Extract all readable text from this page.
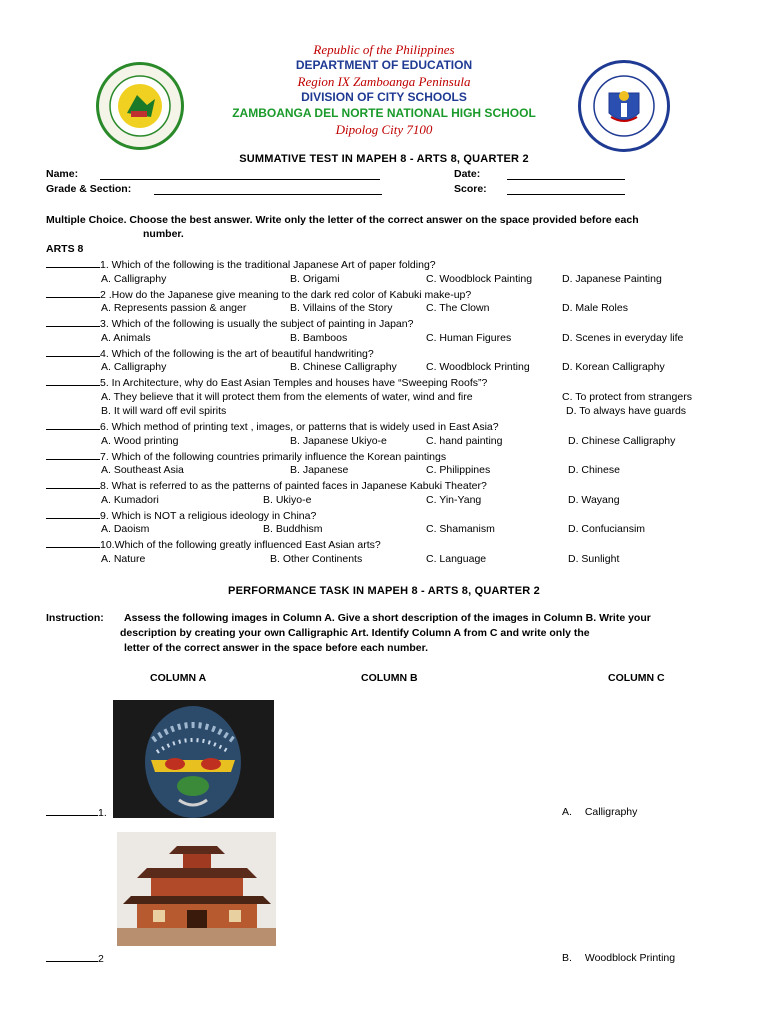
Republic of the Philippines
DEPARTMENT OF EDUCATION
Region IX Zamboanga Peninsula
DIVISION OF CITY SCHOOLS
ZAMBOANGA DEL NORTE NATIONAL HIGH SCHOOL
Dipolog City 7100
SUMMATIVE TEST IN MAPEH 8 - ARTS 8, QUARTER 2
Name:	Date:
Grade & Section:	Score:
Multiple Choice. Choose the best answer. Write only the letter of the correct answer on the space provided before each
number.
ARTS 8
1. Which of the following is the traditional Japanese Art of paper folding?
A. Calligraphy	B. Origami	C. Woodblock Painting	D. Japanese Painting
2 .How do the Japanese give meaning to the dark red color of Kabuki make-up?
A. Represents passion & anger	B. Villains of the Story	C. The Clown	D. Male Roles
3. Which of the following is usually the subject of painting in Japan?
A. Animals	B. Bamboos	C. Human Figures	D. Scenes in everyday life
4. Which of the following is the art of beautiful handwriting?
A. Calligraphy	B. Chinese Calligraphy	C. Woodblock Printing	D. Korean Calligraphy
5. In Architecture, why do East Asian Temples and houses have “Sweeping Roofs”?
A. They believe that it will protect them from the elements of water, wind and fire	C. To protect from strangers
B. It will ward off evil spirits	D. To always have guards
6. Which method of printing text , images, or patterns that is widely used in East Asia?
A. Wood printing	B. Japanese Ukiyo-e	C. hand painting	D. Chinese Calligraphy
7. Which of the following countries primarily influence the Korean paintings
A. Southeast Asia	B. Japanese	C. Philippines	D. Chinese
8. What is referred to as the patterns of painted faces in Japanese Kabuki Theater?
A. Kumadori	B. Ukiyo-e	C. Yin-Yang	D. Wayang
9. Which is NOT a religious ideology in China?
A. Daoism	B. Buddhism	C. Shamanism	D. Confuciansim
10.Which of the following greatly influenced East Asian arts?
A. Nature	B. Other Continents	C. Language	D. Sunlight
PERFORMANCE TASK IN MAPEH 8 - ARTS 8, QUARTER 2
Instruction: Assess the following images in Column A. Give a short description of the images in Column B. Write your
description by creating your own Calligraphic Art. Identify Column A from C and write only the
letter of the correct answer in the space before each number.
COLUMN A	COLUMN B	COLUMN C
1.	A. Calligraphy
2	B. Woodblock Printing
